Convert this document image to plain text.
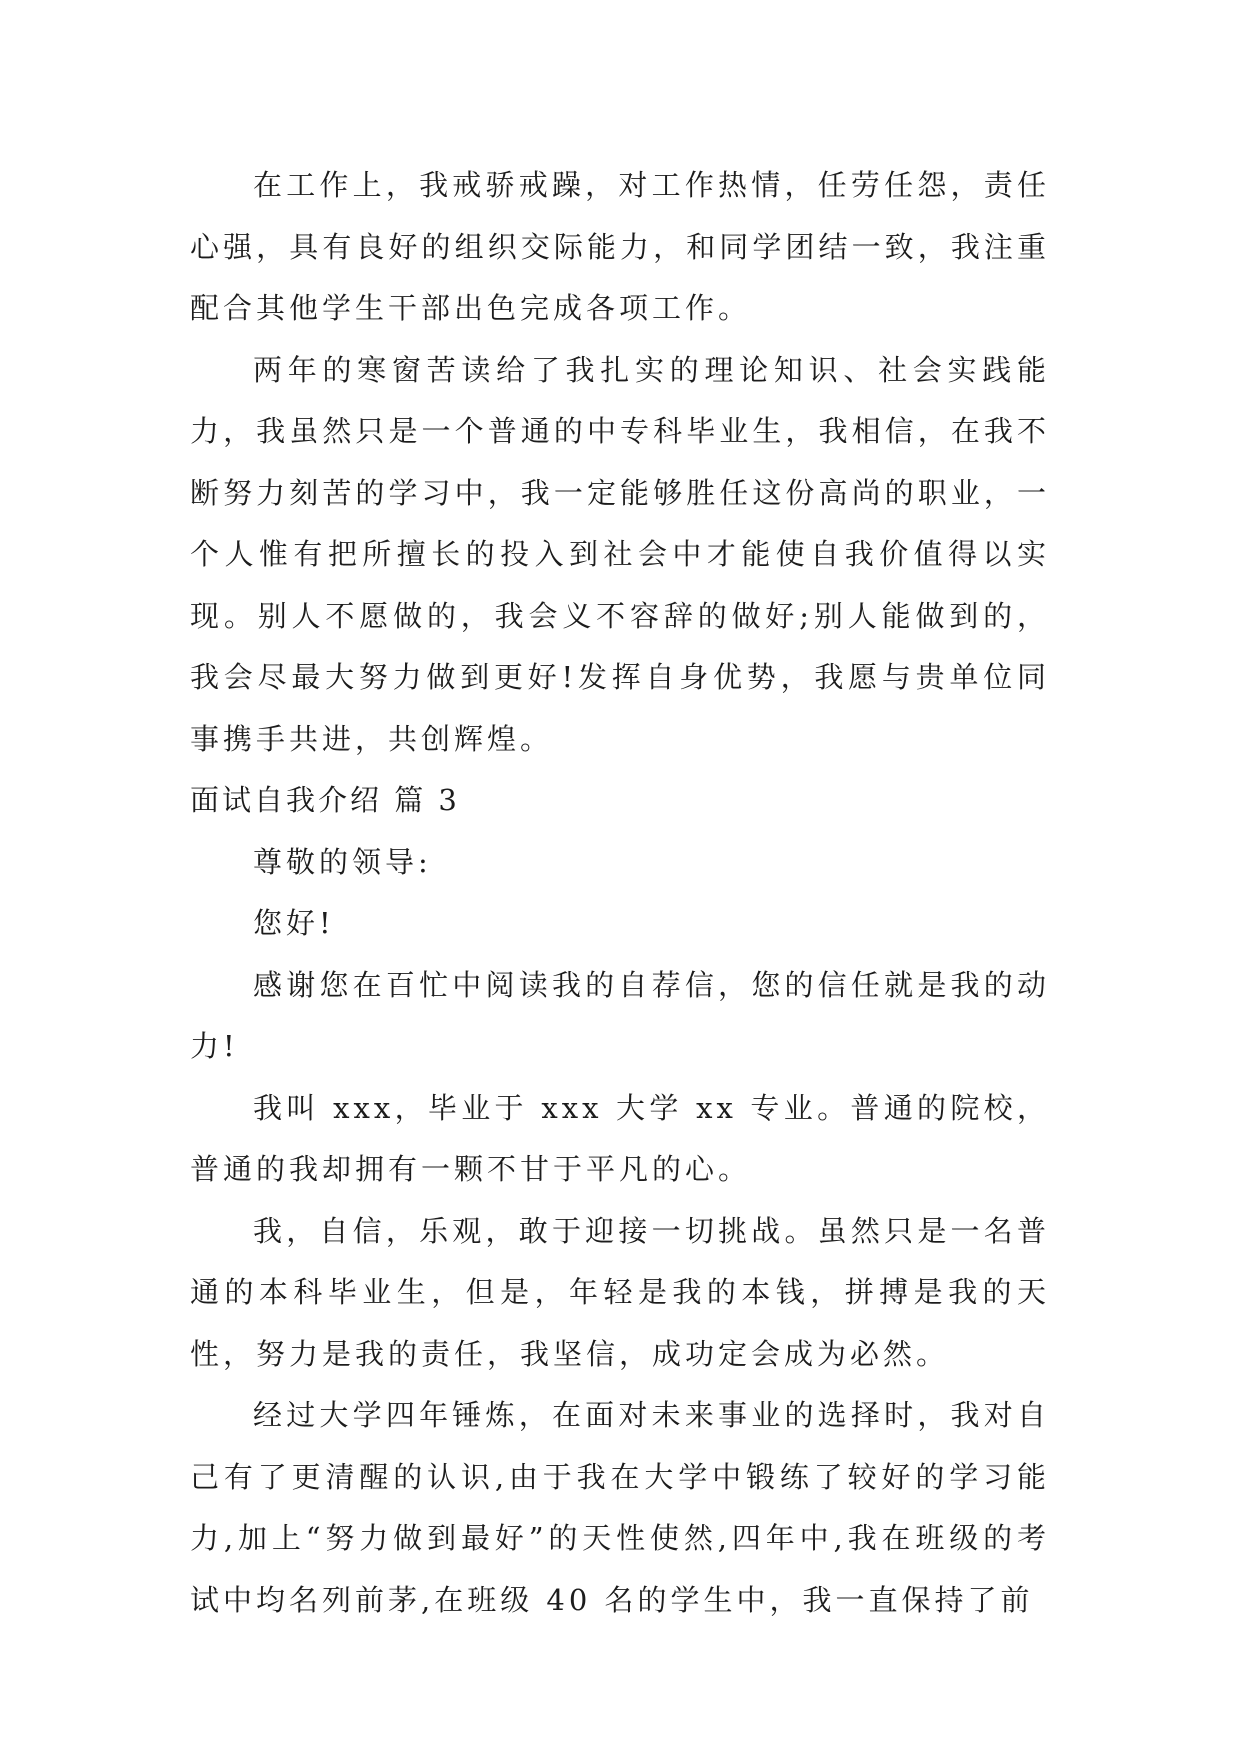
在工作上，我戒骄戒躁，对工作热情，任劳任怨，责任心强，具有良好的组织交际能力，和同学团结一致，我注重配合其他学生干部出色完成各项工作。

两年的寒窗苦读给了我扎实的理论知识、社会实践能力，我虽然只是一个普通的中专科毕业生，我相信，在我不断努力刻苦的学习中，我一定能够胜任这份高尚的职业，一个人惟有把所擅长的投入到社会中才能使自我价值得以实现。别人不愿做的，我会义不容辞的做好;别人能做到的，我会尽最大努力做到更好!发挥自身优势，我愿与贵单位同事携手共进，共创辉煌。

面试自我介绍 篇 3

尊敬的领导:

您好!

感谢您在百忙中阅读我的自荐信，您的信任就是我的动力!

我叫 xxx，毕业于 xxx 大学 xx 专业。普通的院校，普通的我却拥有一颗不甘于平凡的心。

我，自信，乐观，敢于迎接一切挑战。虽然只是一名普通的本科毕业生，但是，年轻是我的本钱，拼搏是我的天性，努力是我的责任，我坚信，成功定会成为必然。

经过大学四年锤炼，在面对未来事业的选择时，我对自己有了更清醒的认识,由于我在大学中锻练了较好的学习能力,加上“努力做到最好”的天性使然,四年中,我在班级的考试中均名列前茅,在班级 40 名的学生中，我一直保持了前
